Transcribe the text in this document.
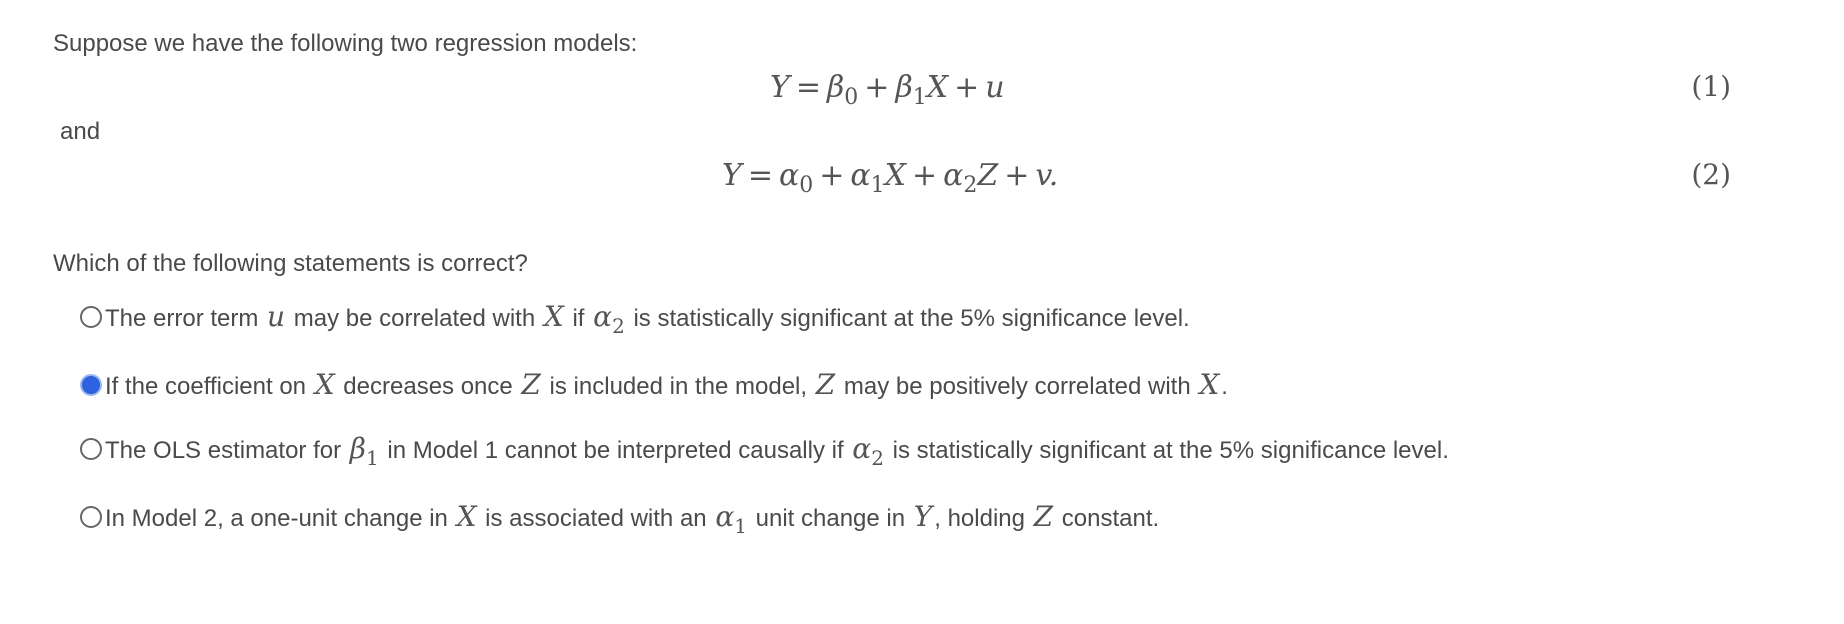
Suppose we have the following two regression models:
$Y = \beta_0 + \beta_1X + u$	(1)
and
$Y = \alpha_0 + \alpha_1X + \alpha_2Z + v$.	(2)
Which of the following statements is correct?
The error term u may be correlated with X if $\alpha_2$ is statistically significant at the 5% significance level.
If the coefficient on X decreases once Z is included in the model, Z may be positively correlated with X.
The OLS estimator for $\beta_1$ in Model 1 cannot be interpreted causally if $\alpha_2$ is statistically significant at the 5% significance level.
In Model 2, a one-unit change in X is associated with an $\alpha_1$ unit change in Y, holding Z constant.
